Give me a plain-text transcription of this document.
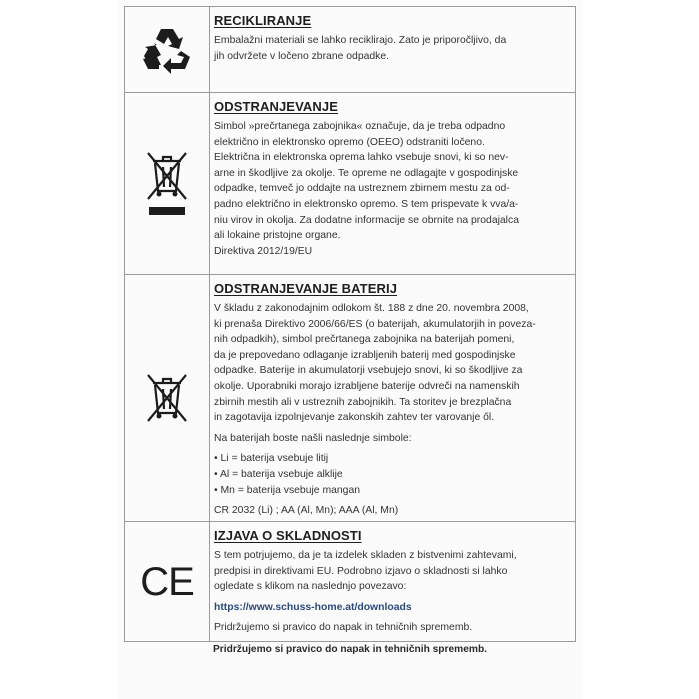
RECIKLIRANJE

Embalažni materiali se lahko reciklirajo. Zato je priporočljivo, da

jih odvržete v ločeno zbrane odpadke.

ODSTRANJEVANJE

Simbol »prečrtanega zabojnika« označuje, da je treba odpadno

električno in elektronsko opremo (OEEO) odstraniti ločeno.

Električna in elektronska oprema lahko vsebuje snovi, ki so nev-

arne in škodljive za okolje. Te opreme ne odlagajte v gospodinjske

odpadke, temveč jo oddajte na ustreznem zbirnem mestu za od-

padno električno in elektronsko opremo. S tem prispevate k vva/a-

niu virov in okolja. Za dodatne informacije se obrnite na prodajalca

ali lokaine pristojne organe.

Direktiva 2012/19/EU

ODSTRANJEVANJE BATERIJ

V škladu z zakonodajnim odlokom št. 188 z dne 20. novembra 2008,

ki prenaša Direktivo 2006/66/ES (o baterijah, akumulatorjih in poveza-

nih odpadkih), simbol prečrtanega zabojnika na baterijah pomeni,

da je prepovedano odlaganje izrabljenih baterij med gospodinjske

odpadke. Baterije in akumulatorji vsebujejo snovi, ki so škodljive za

okolje. Uporabniki morajo izrabljene baterije odvreči na namenskih

zbirnih mestih ali v ustreznih zabojnikih. Ta storitev je brezplačna

in zagotavija izpolnjevanje zakonskih zahtev ter varovanje ől.

Na baterijah boste našli naslednje simbole:

• Li = baterija vsebuje litij

• Al = baterija vsebuje alklije

• Mn = baterija vsebuje mangan

CR 2032 (Li) ; AA (Al, Mn); AAA (Al, Mn)

CE
IZJAVA O SKLADNOSTI

S tem potrjujemo, da je ta izdelek skladen z bistvenimi zahtevami,

predpisi in direktivami EU. Podrobno izjavo o skladnosti si lahko

ogledate s klikom na naslednjo povezavo:

https://www.schuss-home.at/downloads

Pridržujemo si pravico do napak in tehničnih sprememb.

Pridržujemo si pravico do napak in tehničnih sprememb.
